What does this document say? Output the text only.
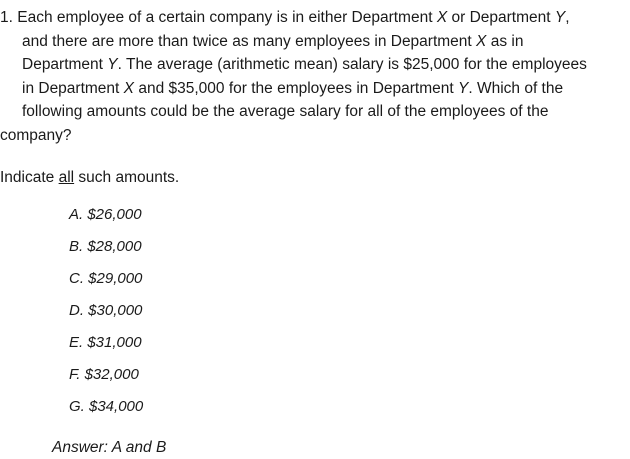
1. Each employee of a certain company is in either Department X or Department Y,
and there are more than twice as many employees in Department X as in
Department Y. The average (arithmetic mean) salary is $25,000 for the employees
in Department X and $35,000 for the employees in Department Y. Which of the
following amounts could be the average salary for all of the employees of the
company?
Indicate all such amounts.
A. $26,000
B. $28,000
C. $29,000
D. $30,000
E. $31,000
F. $32,000
G. $34,000
Answer: A and B
